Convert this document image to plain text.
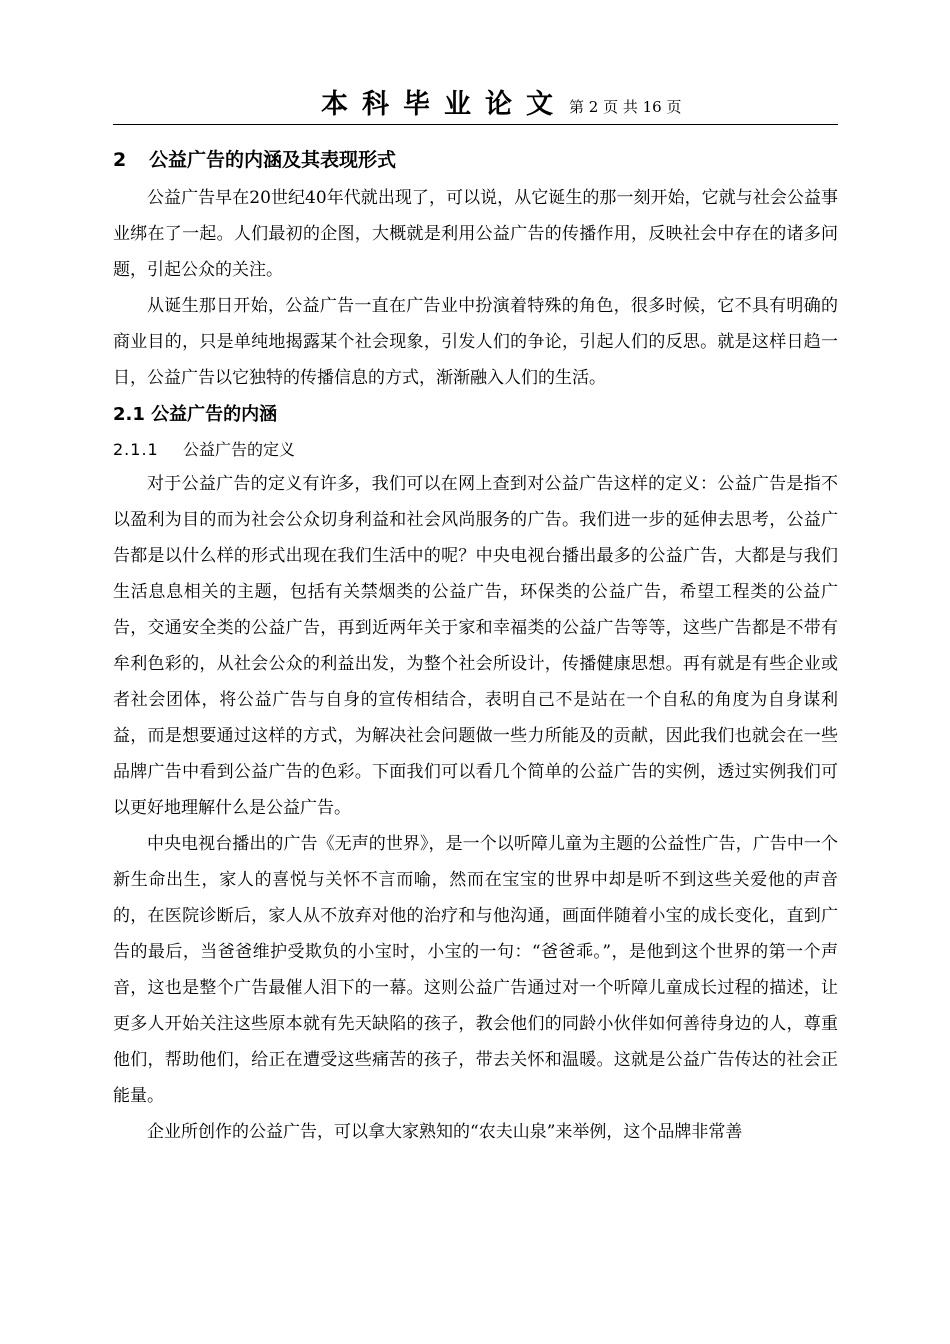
本科毕业论文 第 2 页 共 16 页
2 公益广告的内涵及其表现形式

公益广告早在20世纪40年代就出现了，可以说，从它诞生的那一刻开始，它就与社会公益事业绑在了一起。人们最初的企图，大概就是利用公益广告的传播作用，反映社会中存在的诸多问题，引起公众的关注。

从诞生那日开始，公益广告一直在广告业中扮演着特殊的角色，很多时候，它不具有明确的商业目的，只是单纯地揭露某个社会现象，引发人们的争论，引起人们的反思。就是这样日趋一日，公益广告以它独特的传播信息的方式，渐渐融入人们的生活。

2.1 公益广告的内涵
2.1.1 公益广告的定义

对于公益广告的定义有许多，我们可以在网上查到对公益广告这样的定义：公益广告是指不以盈利为目的而为社会公众切身利益和社会风尚服务的广告。我们进一步的延伸去思考，公益广告都是以什么样的形式出现在我们生活中的呢？中央电视台播出最多的公益广告，大都是与我们生活息息相关的主题，包括有关禁烟类的公益广告，环保类的公益广告，希望工程类的公益广告，交通安全类的公益广告，再到近两年关于家和幸福类的公益广告等等，这些广告都是不带有牟利色彩的，从社会公众的利益出发，为整个社会所设计，传播健康思想。再有就是有些企业或者社会团体，将公益广告与自身的宣传相结合，表明自己不是站在一个自私的角度为自身谋利益，而是想要通过这样的方式，为解决社会问题做一些力所能及的贡献，因此我们也就会在一些品牌广告中看到公益广告的色彩。下面我们可以看几个简单的公益广告的实例，透过实例我们可以更好地理解什么是公益广告。

中央电视台播出的广告《无声的世界》，是一个以听障儿童为主题的公益性广告，广告中一个新生命出生，家人的喜悦与关怀不言而喻，然而在宝宝的世界中却是听不到这些关爱他的声音的，在医院诊断后，家人从不放弃对他的治疗和与他沟通，画面伴随着小宝的成长变化，直到广告的最后，当爸爸维护受欺负的小宝时，小宝的一句：“爸爸乖。”，是他到这个世界的第一个声音，这也是整个广告最催人泪下的一幕。这则公益广告通过对一个听障儿童成长过程的描述，让更多人开始关注这些原本就有先天缺陷的孩子，教会他们的同龄小伙伴如何善待身边的人，尊重他们，帮助他们，给正在遭受这些痛苦的孩子，带去关怀和温暖。这就是公益广告传达的社会正能量。

企业所创作的公益广告，可以拿大家熟知的“农夫山泉”来举例，这个品牌非常善
